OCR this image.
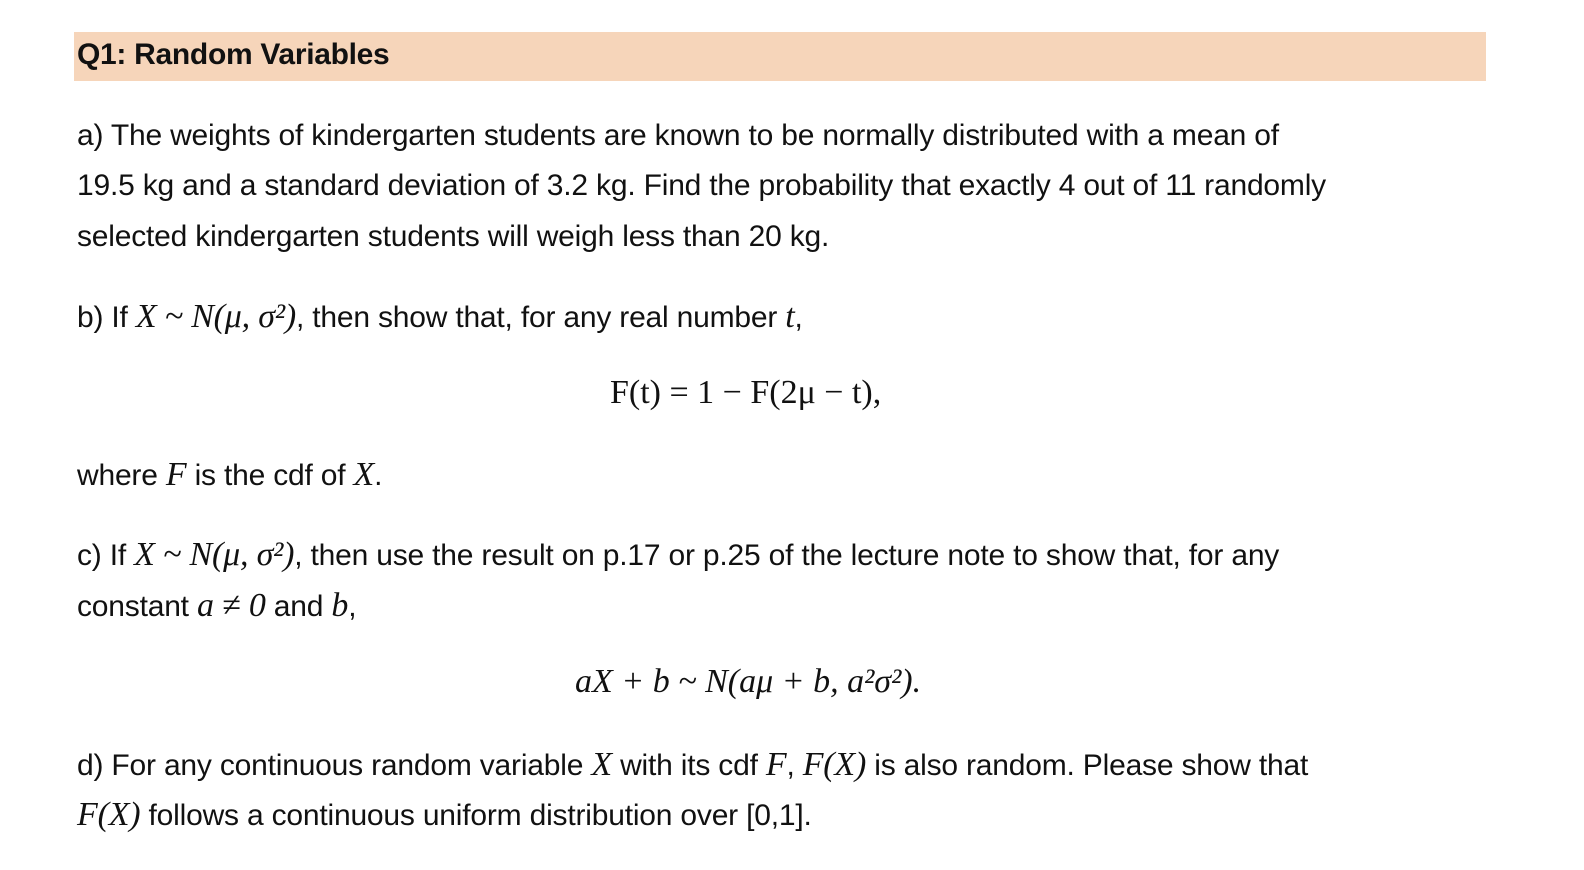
Q1: Random Variables
a) The weights of kindergarten students are known to be normally distributed with a mean of
19.5 kg and a standard deviation of 3.2 kg. Find the probability that exactly 4 out of 11 randomly
selected kindergarten students will weigh less than 20 kg.
b) If X ~ N(μ, σ²), then show that, for any real number t,
F(t) = 1 − F(2μ − t),
where F is the cdf of X.
c) If X ~ N(μ, σ²), then use the result on p.17 or p.25 of the lecture note to show that, for any
constant a ≠ 0 and b,
aX + b ~ N(aμ + b, a²σ²).
d) For any continuous random variable X with its cdf F, F(X) is also random. Please show that
F(X) follows a continuous uniform distribution over [0,1].
